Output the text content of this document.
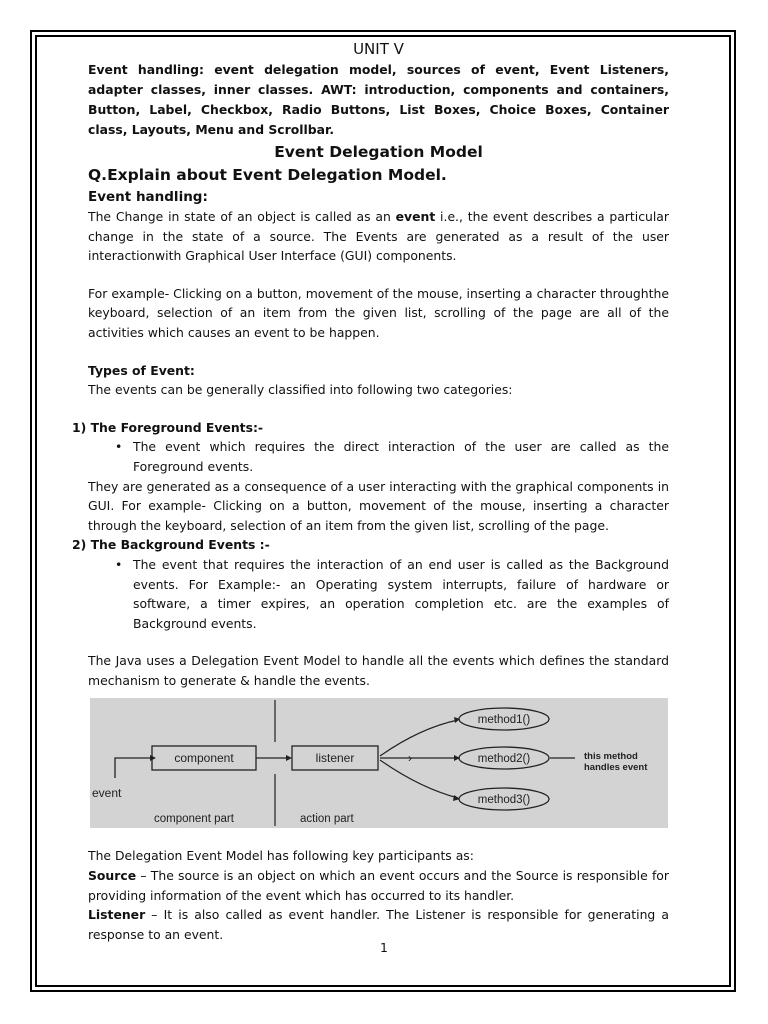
UNIT V

Event handling: event delegation model, sources of event, Event Listeners, adapter classes, inner classes. AWT: introduction, components and containers, Button, Label, Checkbox, Radio Buttons, List Boxes, Choice Boxes, Container class, Layouts, Menu and Scrollbar.

Event Delegation Model

Q.Explain about Event Delegation Model.

Event handling:

The Change in state of an object is called as an event i.e., the event describes a particular change in the state of a source. The Events are generated as a result of the user interactionwith Graphical User Interface (GUI) components.

For example- Clicking on a button, movement of the mouse, inserting a character throughthe keyboard, selection of an item from the given list, scrolling of the page are all of the activities which causes an event to be happen.

Types of Event:

The events can be generally classified into following two categories:

1) The Foreground Events:-

• The event which requires the direct interaction of the user are called as the Foreground events.

They are generated as a consequence of a user interacting with the graphical components in GUI. For example- Clicking on a button, movement of the mouse, inserting a character through the keyboard, selection of an item from the given list, scrolling of the page.

2) The Background Events :-

• The event that requires the interaction of an end user is called as the Background events. For Example:- an Operating system interrupts, failure of hardware or software, a timer expires, an operation completion etc. are the examples of Background events.

The Java uses a Delegation Event Model to handle all the events which defines the standard mechanism to generate & handle the events.

component
event
listener	›
method1()
method2()
method3()
this method
handles event
component part	action part

The Delegation Event Model has following key participants as:

Source – The source is an object on which an event occurs and the Source is responsible for providing information of the event which has occurred to its handler.

Listener – It is also called as event handler. The Listener is responsible for generating a response to an event.

1
